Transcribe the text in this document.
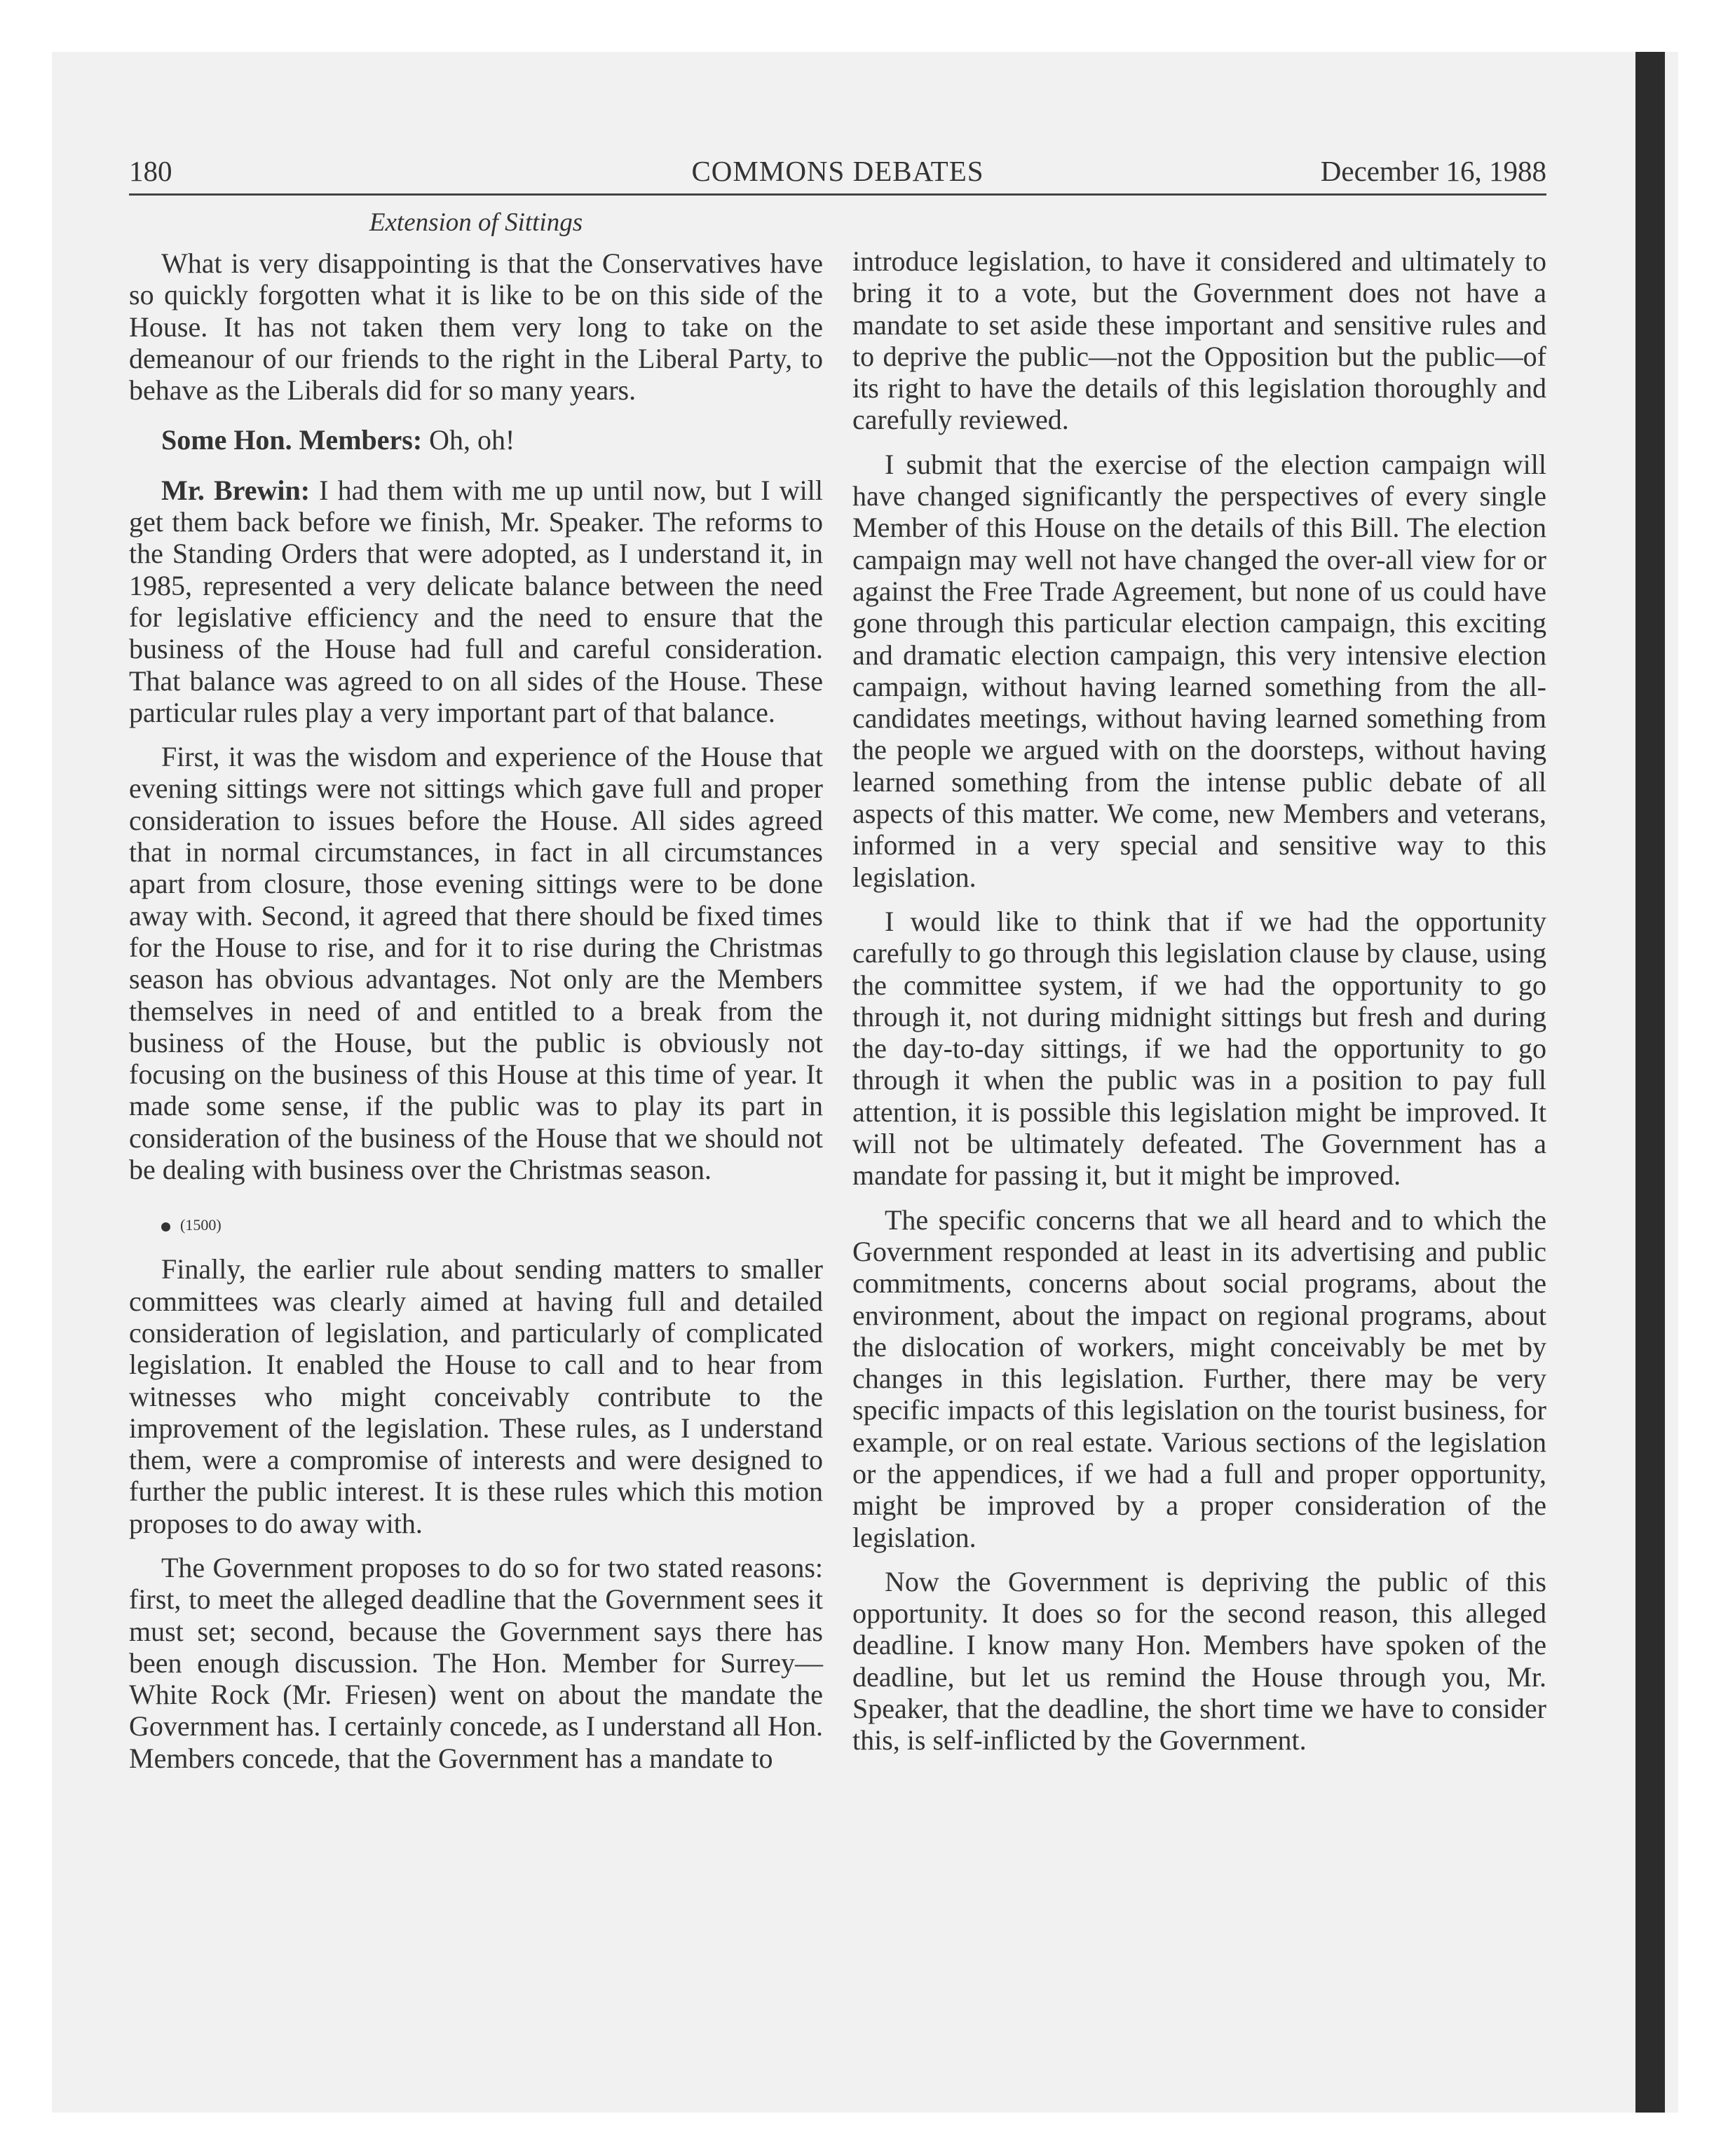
COMMONS DEBATES
180	December 16, 1988
Extension of Sittings

What is very disappointing is that the Conservatives have so quickly forgotten what it is like to be on this side of the House. It has not taken them very long to take on the demeanour of our friends to the right in the Liberal Party, to behave as the Liberals did for so many years.

Some Hon. Members: Oh, oh!

Mr. Brewin: I had them with me up until now, but I will get them back before we finish, Mr. Speaker. The reforms to the Standing Orders that were adopted, as I understand it, in 1985, represented a very delicate balance between the need for legislative efficiency and the need to ensure that the business of the House had full and careful consideration. That balance was agreed to on all sides of the House. These particular rules play a very important part of that balance.

First, it was the wisdom and experience of the House that evening sittings were not sittings which gave full and proper consideration to issues before the House. All sides agreed that in normal circumstances, in fact in all circumstances apart from closure, those evening sittings were to be done away with. Second, it agreed that there should be fixed times for the House to rise, and for it to rise during the Christmas season has obvious advantages. Not only are the Members themselves in need of and entitled to a break from the business of the House, but the public is obviously not focusing on the business of this House at this time of year. It made some sense, if the public was to play its part in consideration of the business of the House that we should not be dealing with business over the Christmas season.

(1500)

Finally, the earlier rule about sending matters to smaller committees was clearly aimed at having full and detailed consideration of legislation, and particularly of complicated legislation. It enabled the House to call and to hear from witnesses who might conceivably contribute to the improvement of the legislation. These rules, as I understand them, were a compromise of interests and were designed to further the public interest. It is these rules which this motion proposes to do away with.

The Government proposes to do so for two stated reasons: first, to meet the alleged deadline that the Government sees it must set; second, because the Government says there has been enough discussion. The Hon. Member for Surrey—White Rock (Mr. Friesen) went on about the mandate the Government has. I certainly concede, as I understand all Hon. Members concede, that the Government has a mandate to

introduce legislation, to have it considered and ultimately to bring it to a vote, but the Government does not have a mandate to set aside these important and sensitive rules and to deprive the public—not the Opposition but the public—of its right to have the details of this legislation thoroughly and carefully reviewed.

I submit that the exercise of the election campaign will have changed significantly the perspectives of every single Member of this House on the details of this Bill. The election campaign may well not have changed the over-all view for or against the Free Trade Agreement, but none of us could have gone through this particular election campaign, this exciting and dramatic election campaign, this very intensive election campaign, without having learned something from the all-candidates meetings, without having learned something from the people we argued with on the doorsteps, without having learned something from the intense public debate of all aspects of this matter. We come, new Members and veterans, informed in a very special and sensitive way to this legislation.

I would like to think that if we had the opportunity carefully to go through this legislation clause by clause, using the committee system, if we had the opportunity to go through it, not during midnight sittings but fresh and during the day-to-day sittings, if we had the opportunity to go through it when the public was in a position to pay full attention, it is possible this legislation might be improved. It will not be ultimately defeated. The Government has a mandate for passing it, but it might be improved.

The specific concerns that we all heard and to which the Government responded at least in its advertising and public commitments, concerns about social programs, about the environment, about the impact on regional programs, about the dislocation of workers, might conceivably be met by changes in this legislation. Further, there may be very specific impacts of this legislation on the tourist business, for example, or on real estate. Various sections of the legislation or the appendices, if we had a full and proper opportunity, might be improved by a proper consideration of the legislation.

Now the Government is depriving the public of this opportunity. It does so for the second reason, this alleged deadline. I know many Hon. Members have spoken of the deadline, but let us remind the House through you, Mr. Speaker, that the deadline, the short time we have to consider this, is self-inflicted by the Government.
